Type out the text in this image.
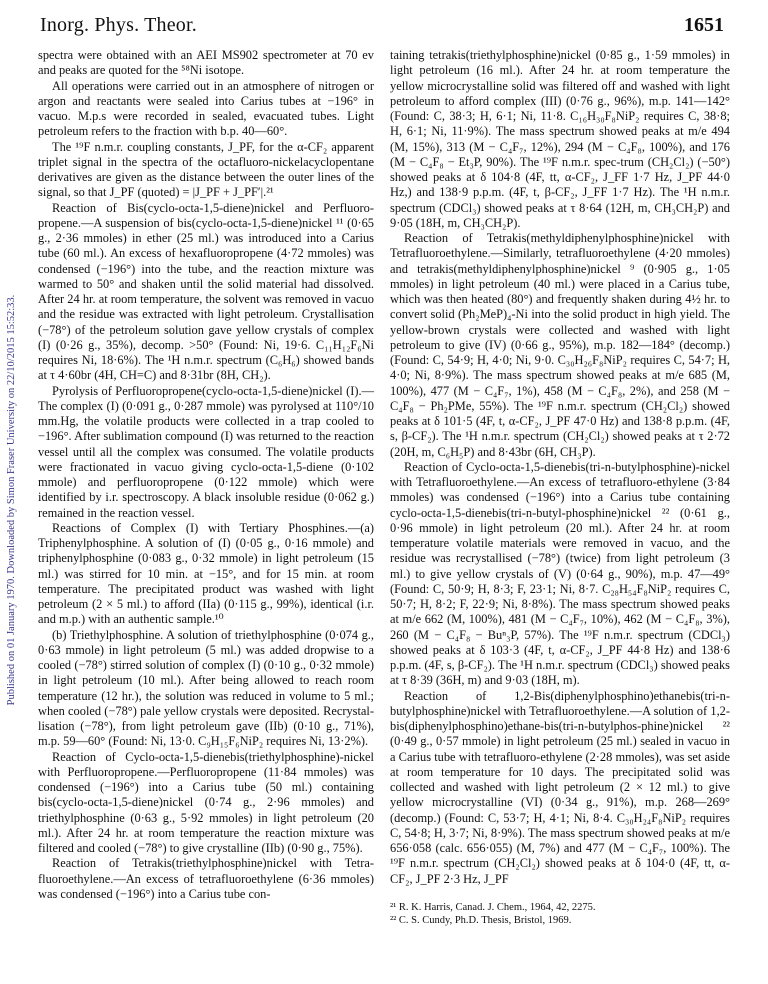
Inorg. Phys. Theor.	1651
Published on 01 January 1970. Downloaded by Simon Fraser University on 22/10/2015 15:52:33.

spectra were obtained with an AEI MS902 spectrometer at 70 ev and peaks are quoted for the ⁵⁸Ni isotope.

All operations were carried out in an atmosphere of nitrogen or argon and reactants were sealed into Carius tubes at −196° in vacuo. M.p.s were recorded in sealed, evacuated tubes. Light petroleum refers to the fraction with b.p. 40—60°.

The ¹⁹F n.m.r. coupling constants, J_PF, for the α-CF₂ apparent triplet signal in the spectra of the octafluoro-nickelacyclopentane derivatives are given as the distance between the outer lines of the signal, so that J_PF (quoted) = |J_PF + J_PF′|.²¹

Reaction of Bis(cyclo-octa-1,5-diene)nickel and Perfluoro-propene.—A suspension of bis(cyclo-octa-1,5-diene)nickel ¹¹ (0·65 g., 2·36 mmoles) in ether (25 ml.) was introduced into a Carius tube (60 ml.). An excess of hexafluoropropene (4·72 mmoles) was condensed (−196°) into the tube, and the reaction mixture was warmed to 50° and shaken until the solid material had dissolved. After 24 hr. at room temperature, the solvent was removed in vacuo and the residue was extracted with light petroleum. Crystallisation (−78°) of the petroleum solution gave yellow crystals of complex (I) (0·26 g., 35%), decomp. >50° (Found: Ni, 19·6. C₁₁H₁₂F₆Ni requires Ni, 18·6%). The ¹H n.m.r. spectrum (C₆H₆) showed bands at τ 4·60br (4H, CH=C) and 8·31br (8H, CH₂).

Pyrolysis of Perfluoropropene(cyclo-octa-1,5-diene)nickel (I).—The complex (I) (0·091 g., 0·287 mmole) was pyrolysed at 110°/10 mm.Hg, the volatile products were collected in a trap cooled to −196°. After sublimation compound (I) was returned to the reaction vessel until all the complex was consumed. The volatile products were fractionated in vacuo giving cyclo-octa-1,5-diene (0·102 mmole) and perfluoropropene (0·122 mmole) which were identified by i.r. spectroscopy. A black insoluble residue (0·062 g.) remained in the reaction vessel.

Reactions of Complex (I) with Tertiary Phosphines.—(a) Triphenylphosphine. A solution of (I) (0·05 g., 0·16 mmole) and triphenylphosphine (0·083 g., 0·32 mmole) in light petroleum (15 ml.) was stirred for 10 min. at −15°, and for 15 min. at room temperature. The precipitated product was washed with light petroleum (2 × 5 ml.) to afford (IIa) (0·115 g., 99%), identical (i.r. and m.p.) with an authentic sample.¹⁰

(b) Triethylphosphine. A solution of triethylphosphine (0·074 g., 0·63 mmole) in light petroleum (5 ml.) was added dropwise to a cooled (−78°) stirred solution of complex (I) (0·10 g., 0·32 mmole) in light petroleum (10 ml.). After being allowed to reach room temperature (12 hr.), the solution was reduced in volume to 5 ml.; when cooled (−78°) pale yellow crystals were deposited. Recrystal-lisation (−78°), from light petroleum gave (IIb) (0·10 g., 71%), m.p. 59—60° (Found: Ni, 13·0. C₉H₁₅F₆NiP₂ requires Ni, 13·2%).

Reaction of Cyclo-octa-1,5-dienebis(triethylphosphine)-nickel with Perfluoropropene.—Perfluoropropene (11·84 mmoles) was condensed (−196°) into a Carius tube (50 ml.) containing bis(cyclo-octa-1,5-diene)nickel (0·74 g., 2·96 mmoles) and triethylphosphine (0·63 g., 5·92 mmoles) in light petroleum (20 ml.). After 24 hr. at room temperature the reaction mixture was filtered and cooled (−78°) to give crystalline (IIb) (0·90 g., 75%).

Reaction of Tetrakis(triethylphosphine)nickel with Tetra-fluoroethylene.—An excess of tetrafluoroethylene (6·36 mmoles) was condensed (−196°) into a Carius tube con-

taining tetrakis(triethylphosphine)nickel (0·85 g., 1·59 mmoles) in light petroleum (16 ml.). After 24 hr. at room temperature the yellow microcrystalline solid was filtered off and washed with light petroleum to afford complex (III) (0·76 g., 96%), m.p. 141—142° (Found: C, 38·3; H, 6·1; Ni, 11·8. C₁₆H₃₀F₈NiP₂ requires C, 38·8; H, 6·1; Ni, 11·9%). The mass spectrum showed peaks at m/e 494 (M, 15%), 313 (M − C₄F₇, 12%), 294 (M − C₄F₈, 100%), and 176 (M − C₄F₈ − Et₃P, 90%). The ¹⁹F n.m.r. spec-trum (CH₂Cl₂) (−50°) showed peaks at δ 104·8 (4F, tt, α-CF₂, J_FF 1·7 Hz, J_PF 44·0 Hz,) and 138·9 p.p.m. (4F, t, β-CF₂, J_FF 1·7 Hz). The ¹H n.m.r. spectrum (CDCl₃) showed peaks at τ 8·64 (12H, m, CH₃CH₂P) and 9·05 (18H, m, CH₃CH₂P).

Reaction of Tetrakis(methyldiphenylphosphine)nickel with Tetrafluoroethylene.—Similarly, tetrafluoroethylene (4·20 mmoles) and tetrakis(methyldiphenylphosphine)nickel ⁹ (0·905 g., 1·05 mmoles) in light petroleum (40 ml.) were placed in a Carius tube, which was then heated (80°) and frequently shaken during 4½ hr. to convert solid (Ph₂MeP)₄-Ni into the solid product in high yield. The yellow-brown crystals were collected and washed with light petroleum to give (IV) (0·66 g., 95%), m.p. 182—184° (decomp.) (Found: C, 54·9; H, 4·0; Ni, 9·0. C₃₀H₂₆F₈NiP₂ requires C, 54·7; H, 4·0; Ni, 8·9%). The mass spectrum showed peaks at m/e 685 (M, 100%), 477 (M − C₄F₇, 1%), 458 (M − C₄F₈, 2%), and 258 (M − C₄F₈ − Ph₂PMe, 55%). The ¹⁹F n.m.r. spectrum (CH₂Cl₂) showed peaks at δ 101·5 (4F, t, α-CF₂, J_PF 47·0 Hz) and 138·8 p.p.m. (4F, s, β-CF₂). The ¹H n.m.r. spectrum (CH₂Cl₂) showed peaks at τ 2·72 (20H, m, C₆H₅P) and 8·43br (6H, CH₃P).

Reaction of Cyclo-octa-1,5-dienebis(tri-n-butylphosphine)-nickel with Tetrafluoroethylene.—An excess of tetrafluoro-ethylene (3·84 mmoles) was condensed (−196°) into a Carius tube containing cyclo-octa-1,5-dienebis(tri-n-butyl-phosphine)nickel ²² (0·61 g., 0·96 mmole) in light petroleum (20 ml.). After 24 hr. at room temperature volatile materials were removed in vacuo, and the residue was recrystallised (−78°) (twice) from light petroleum (3 ml.) to give yellow crystals of (V) (0·64 g., 90%), m.p. 47—49° (Found: C, 50·9; H, 8·3; F, 23·1; Ni, 8·7. C₂₈H₅₄F₈NiP₂ requires C, 50·7; H, 8·2; F, 22·9; Ni, 8·8%). The mass spectrum showed peaks at m/e 662 (M, 100%), 481 (M − C₄F₇, 10%), 462 (M − C₄F₈, 3%), 260 (M − C₄F₈ − Buⁿ₃P, 57%). The ¹⁹F n.m.r. spectrum (CDCl₃) showed peaks at δ 103·3 (4F, t, α-CF₂, J_PF 44·8 Hz) and 138·6 p.p.m. (4F, s, β-CF₂). The ¹H n.m.r. spectrum (CDCl₃) showed peaks at τ 8·39 (36H, m) and 9·03 (18H, m).

Reaction of 1,2-Bis(diphenylphosphino)ethanebis(tri-n-butylphosphine)nickel with Tetrafluoroethylene.—A solution of 1,2-bis(diphenylphosphino)ethane-bis(tri-n-butylphos-phine)nickel ²² (0·49 g., 0·57 mmole) in light petroleum (25 ml.) sealed in vacuo in a Carius tube with tetrafluoro-ethylene (2·28 mmoles), was set aside at room temperature for 10 days. The precipitated solid was collected and washed with light petroleum (2 × 12 ml.) to give yellow microcrystalline (VI) (0·34 g., 91%), m.p. 268—269° (decomp.) (Found: C, 53·7; H, 4·1; Ni, 8·4. C₃₀H₂₄F₈NiP₂ requires C, 54·8; H, 3·7; Ni, 8·9%). The mass spectrum showed peaks at m/e 656·058 (calc. 656·055) (M, 7%) and 477 (M − C₄F₇, 100%). The ¹⁹F n.m.r. spectrum (CH₂Cl₂) showed peaks at δ 104·0 (4F, tt, α-CF₂, J_PF 2·3 Hz, J_PF

²¹ R. K. Harris, Canad. J. Chem., 1964, 42, 2275.

²² C. S. Cundy, Ph.D. Thesis, Bristol, 1969.
